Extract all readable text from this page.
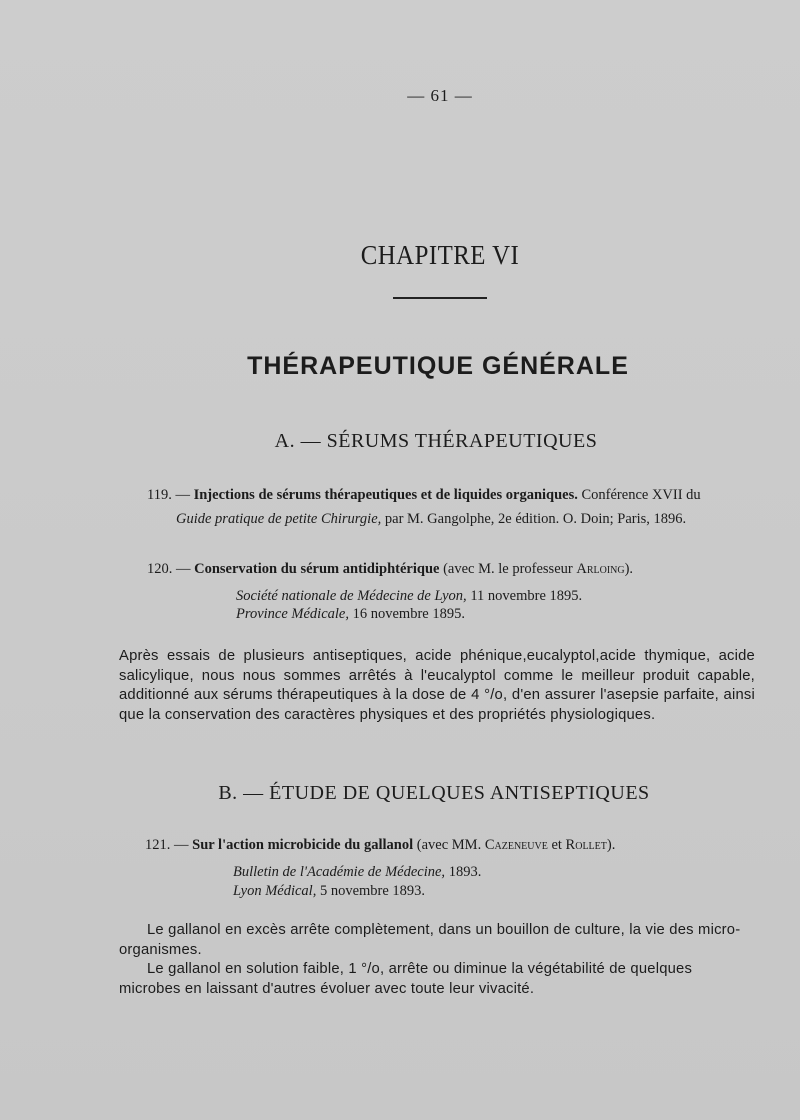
— 61 —
CHAPITRE VI
THÉRAPEUTIQUE GÉNÉRALE
A. — SÉRUMS THÉRAPEUTIQUES
119. — Injections de sérums thérapeutiques et de liquides organiques. Conférence XVII du
Guide pratique de petite Chirurgie, par M. Gangolphe, 2e édition. O. Doin; Paris, 1896.
120. — Conservation du sérum antidiphtérique (avec M. le professeur Arloing).
Société nationale de Médecine de Lyon, 11 novembre 1895.
Province Médicale, 16 novembre 1895.
Après essais de plusieurs antiseptiques, acide phénique,eucalyptol,acide thymique, acide salicylique, nous nous sommes arrêtés à l'eucalyptol comme le meilleur produit capable, additionné aux sérums thérapeutiques à la dose de 4 °/o, d'en assurer l'asepsie parfaite, ainsi que la conservation des caractères physiques et des propriétés physiologiques.
B. — ÉTUDE DE QUELQUES ANTISEPTIQUES
121. — Sur l'action microbicide du gallanol (avec MM. Cazeneuve et Rollet).
Bulletin de l'Académie de Médecine, 1893.
Lyon Médical, 5 novembre 1893.
Le gallanol en excès arrête complètement, dans un bouillon de culture, la vie des micro-organismes.
Le gallanol en solution faible, 1 °/o, arrête ou diminue la végétabilité de quelques microbes en laissant d'autres évoluer avec toute leur vivacité.
